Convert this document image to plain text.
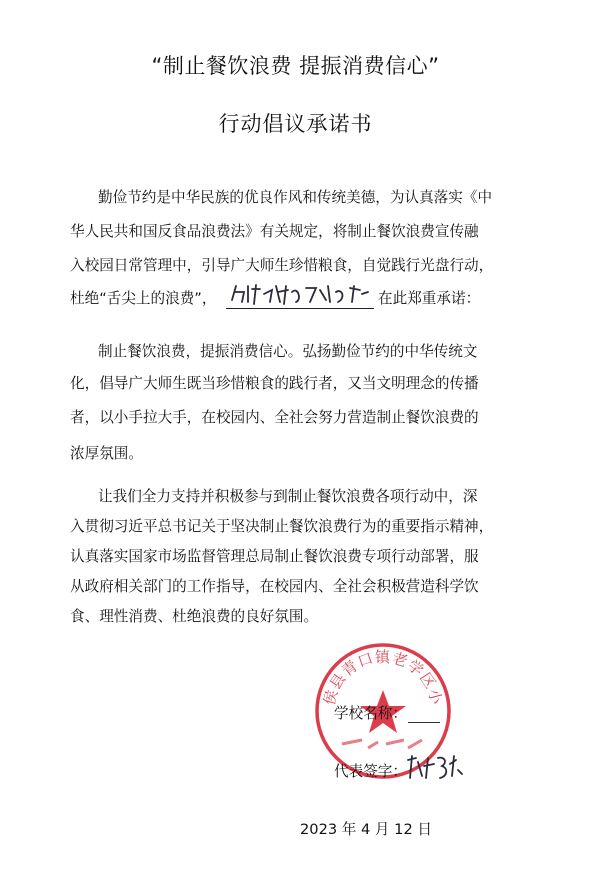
“制止餐饮浪费 提振消费信心”
行动倡议承诺书
勤俭节约是中华民族的优良作风和传统美德，为认真落实《中
华人民共和国反食品浪费法》有关规定，将制止餐饮浪费宣传融
入校园日常管理中，引导广大师生珍惜粮食，自觉践行光盘行动，
杜绝“舌尖上的浪费”，	在此郑重承诺：
制止餐饮浪费，提振消费信心。弘扬勤俭节约的中华传统文
化，倡导广大师生既当珍惜粮食的践行者，又当文明理念的传播
者，以小手拉大手，在校园内、全社会努力营造制止餐饮浪费的
浓厚氛围。
让我们全力支持并积极参与到制止餐饮浪费各项行动中，深
入贯彻习近平总书记关于坚决制止餐饮浪费行为的重要指示精神，
认真落实国家市场监督管理总局制止餐饮浪费专项行动部署，服
从政府相关部门的工作指导，在校园内、全社会积极营造科学饮
食、理性消费、杜绝浪费的良好氛围。
侯县青口镇老学区小
学校名称：
代表签字：
2023 年 4 月 12 日
